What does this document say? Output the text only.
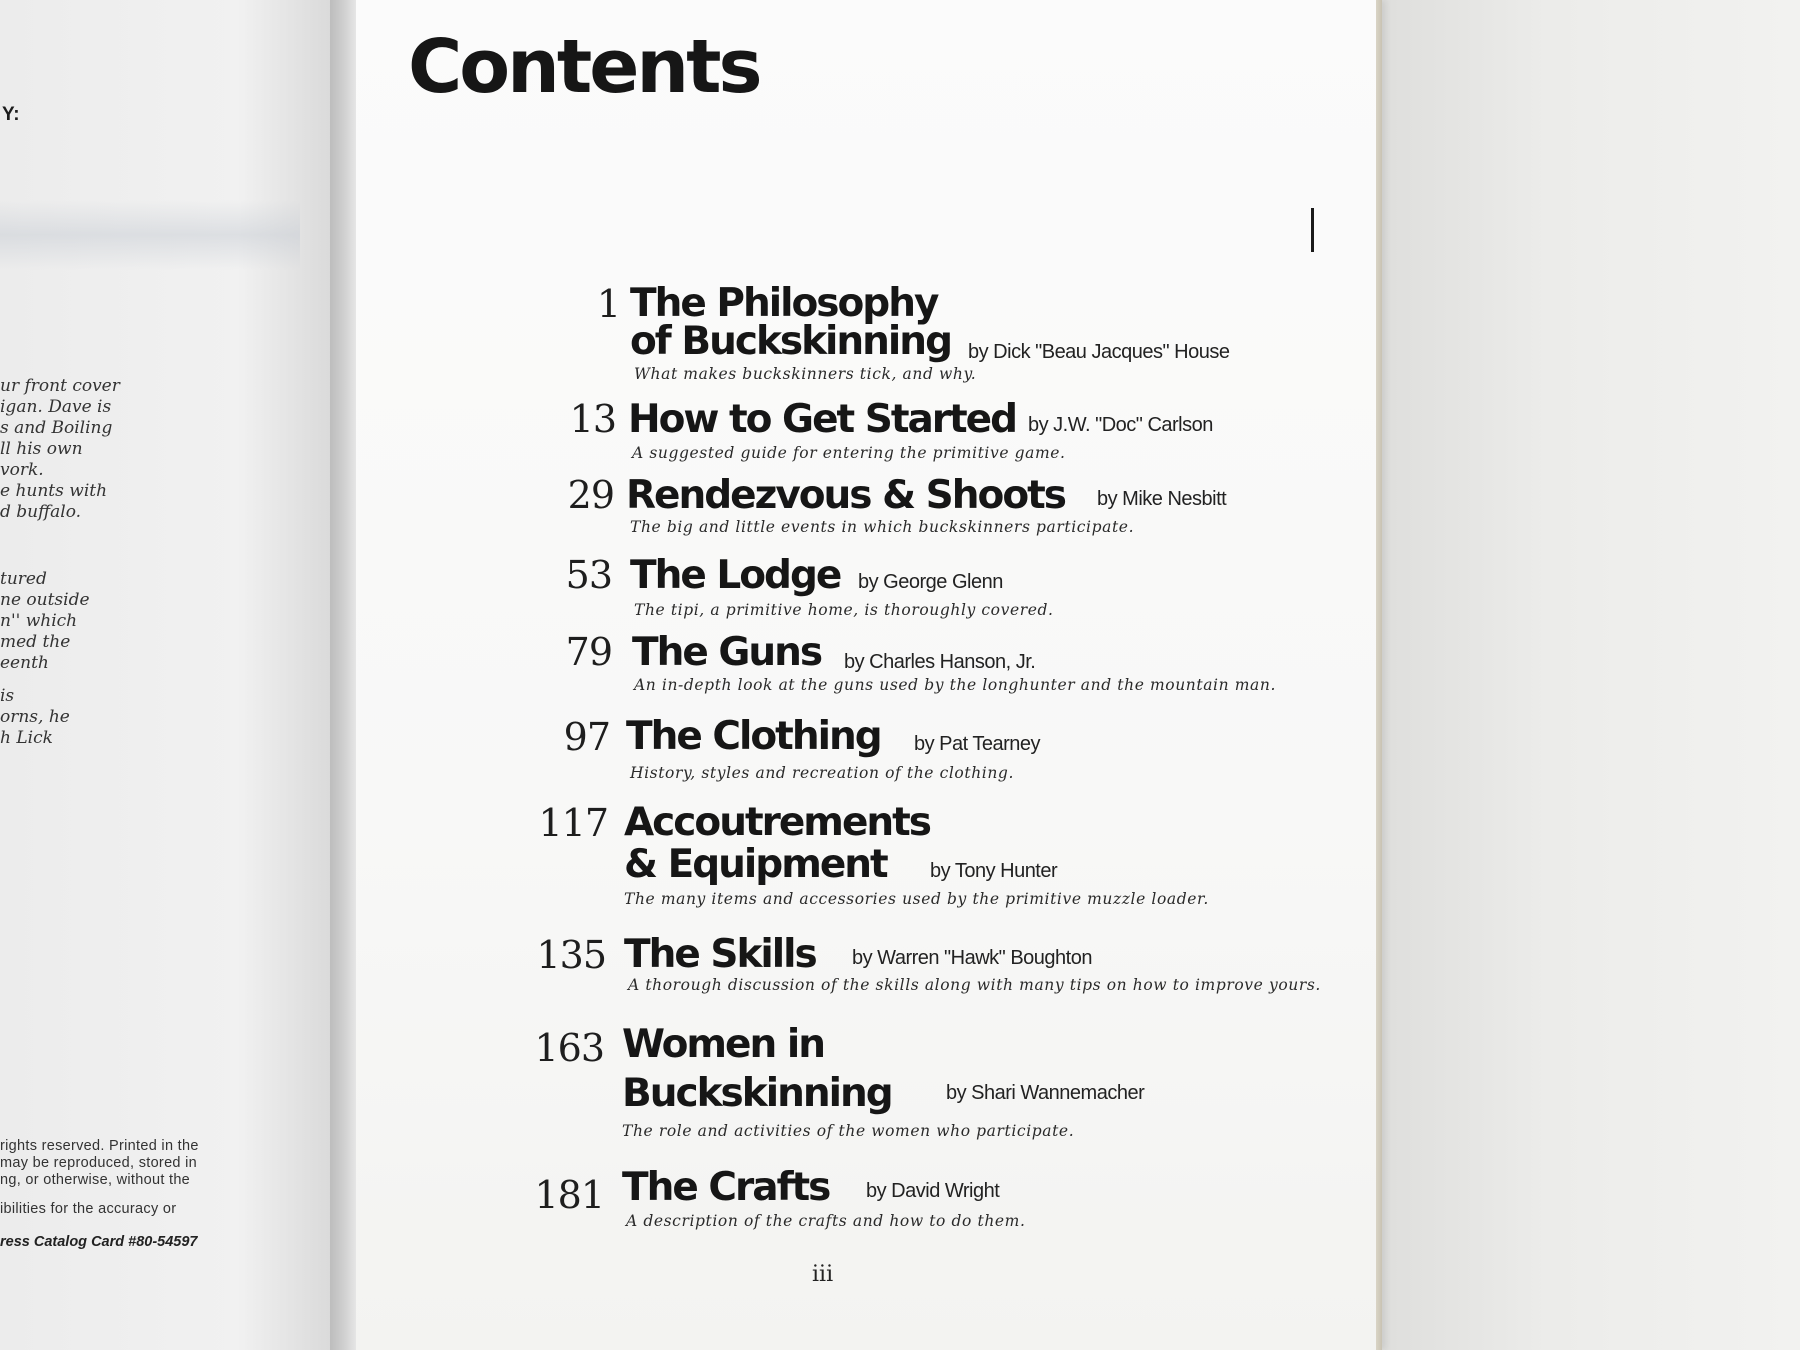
Y:
ur front cover
igan. Dave is
s and Boiling
ll his own
vork.
e hunts with
d buffalo.
tured
ne outside
n'' which
med the
eenth
is
orns, he
h Lick
rights reserved. Printed in the
may be reproduced, stored in
ng, or otherwise, without the
ibilities for the accuracy or
ress Catalog Card #80-54597
Contents
1 The Philosophy
of Buckskinning by Dick "Beau Jacques" House
What makes buckskinners tick, and why.
13 How to Get Started by J.W. "Doc" Carlson
A suggested guide for entering the primitive game.
29 Rendezvous & Shoots by Mike Nesbitt
The big and little events in which buckskinners participate.
53 The Lodge by George Glenn
The tipi, a primitive home, is thoroughly covered.
79 The Guns by Charles Hanson, Jr.
An in-depth look at the guns used by the longhunter and the mountain man.
97 The Clothing by Pat Tearney
History, styles and recreation of the clothing.
117 Accoutrements
& Equipment by Tony Hunter
The many items and accessories used by the primitive muzzle loader.
135 The Skills by Warren "Hawk" Boughton
A thorough discussion of the skills along with many tips on how to improve yours.
163 Women in
Buckskinning	by Shari Wannemacher
The role and activities of the women who participate.
181 The Crafts by David Wright
A description of the crafts and how to do them.
iii
